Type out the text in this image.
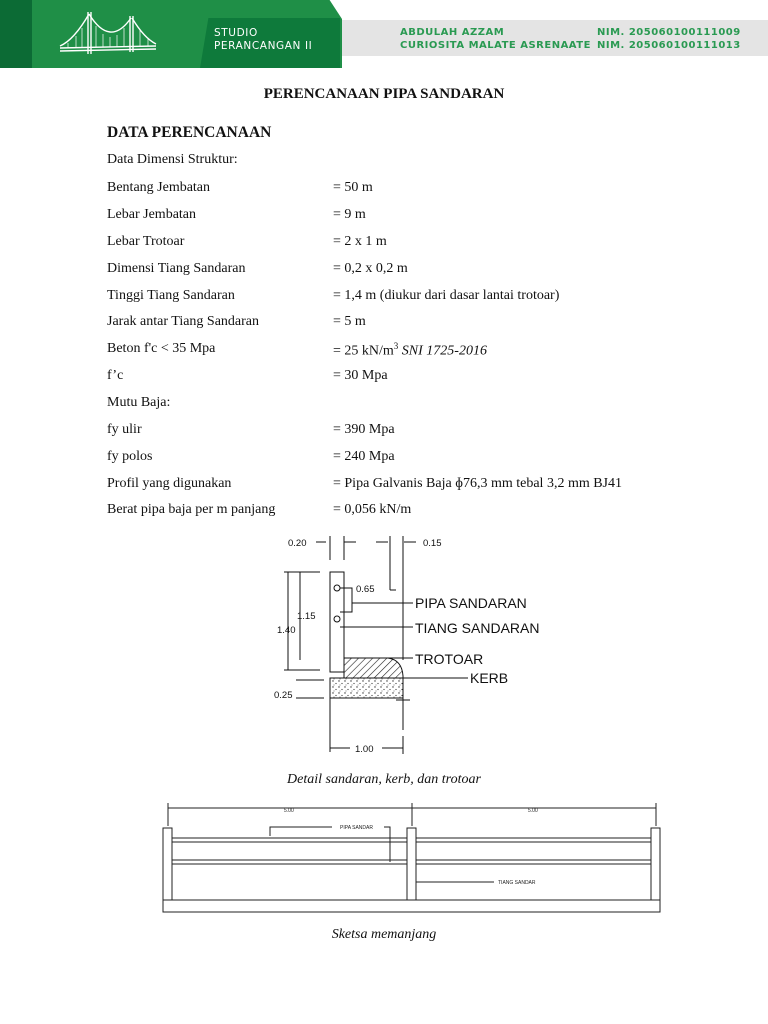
STUDIO
PERANCANGAN II
ABDULAH AZZAM
CURIOSITA MALATE ASRENAATE
NIM. 205060100111009
NIM. 205060100111013
PERENCANAAN PIPA SANDARAN
DATA PERENCANAAN
Data Dimensi Struktur:
Bentang Jembatan	= 50 m
Lebar Jembatan	= 9 m
Lebar Trotoar	= 2 x 1 m
Dimensi Tiang Sandaran	= 0,2 x 0,2 m
Tinggi Tiang Sandaran	= 1,4 m (diukur dari dasar lantai trotoar)
Jarak antar Tiang Sandaran	= 5 m
Beton f'c < 35 Mpa	= 25 $kN/m^3$ SNI 1725-2016
f’c	= 30 Mpa
Mutu Baja:
fy ulir	= 390 Mpa
fy polos	= 240 Mpa
Profil yang digunakan	= Pipa Galvanis Baja ɸ76,3 mm tebal 3,2 mm BJ41
Berat pipa baja per m panjang	= 0,056 kN/m
0.20	0.15
0.65
1.15
1.40
0.25
1.00
PIPA SANDARAN
TIANG SANDARAN
TROTOAR
KERB
Detail sandaran, kerb, dan trotoar
5.00	5.00
PIPA SANDAR
TIANG SANDAR
Sketsa memanjang
